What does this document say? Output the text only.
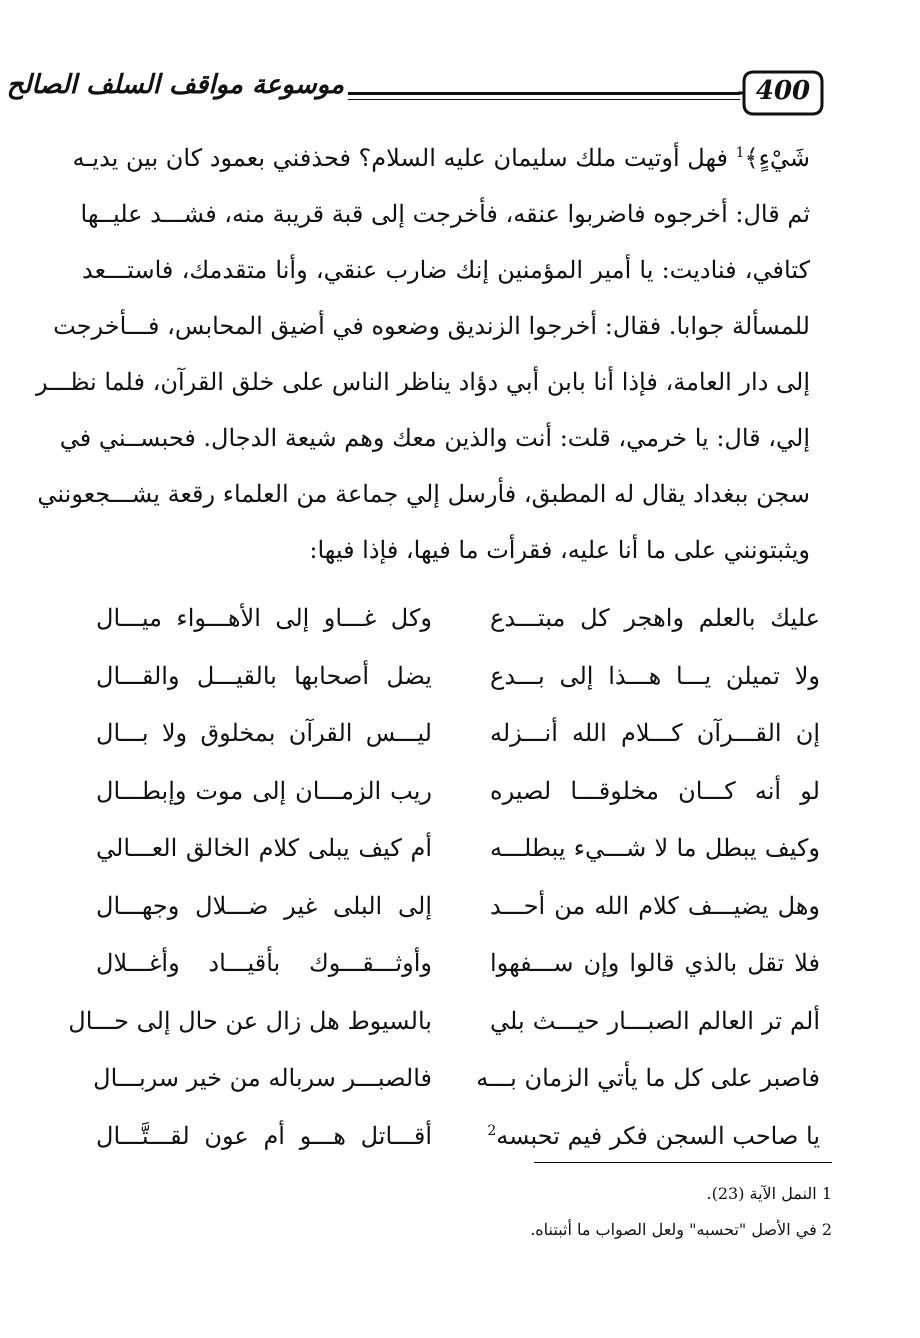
موسوعة مواقف السلف الصالح	400
شَيْءٍ﴾$^1$ فهل أوتيت ملك سليمان عليه السلام؟ فحذفني بعمود كان بين يديـه
ثم قال: أخرجوه فاضربوا عنقه، فأخرجت إلى قبة قريبة منه، فشـــد عليــها
كتافي، فناديت: يا أمير المؤمنين إنك ضارب عنقي، وأنا متقدمك، فاستـــعد
للمسألة جوابا. فقال: أخرجوا الزنديق وضعوه في أضيق المحابس، فـــأخرجت
إلى دار العامة، فإذا أنا بابن أبي دؤاد يناظر الناس على خلق القرآن، فلما نظـــر
إلي، قال: يا خرمي، قلت: أنت والذين معك وهم شيعة الدجال. فحبســني في
سجن ببغداد يقال له المطبق، فأرسل إلي جماعة من العلماء رقعة يشـــجعونني
ويثبتونني على ما أنا عليه، فقرأت ما فيها، فإذا فيها:
عليك بالعلم واهجر كل مبتـــدع
وكل غـــاو إلى الأهـــواء ميـــال
ولا تميلن يـــا هـــذا إلى بـــدع
يضل أصحابها بالقيـــل والقـــال
إن القـــرآن كـــلام الله أنـــزله
ليـــس القرآن بمخلوق ولا بـــال
لو أنه كـــان مخلوقـــا لصيره
ريب الزمـــان إلى موت وإبطـــال
وكيف يبطل ما لا شـــيء يبطلـــه
أم كيف يبلى كلام الخالق العـــالي
وهل يضيـــف كلام الله من أحـــد
إلى البلى غير ضـــلال وجهـــال
فلا تقل بالذي قالوا وإن ســـفهوا
وأوثـــقـــوك بأقيـــاد وأغـــلال
ألم تر العالم الصبـــار حيـــث بلي
بالسيوط هل زال عن حال إلى حـــال
فاصبر على كل ما يأتي الزمان بـــه
فالصبـــر سرباله من خير سربـــال
يا صاحب السجن فكر فيم تحبسه$^2$
أقـــاتل هـــو أم عون لقـــتَّـــال
1 النمل الآية (23).
2 في الأصل "تحسبه" ولعل الصواب ما أثبتناه.
